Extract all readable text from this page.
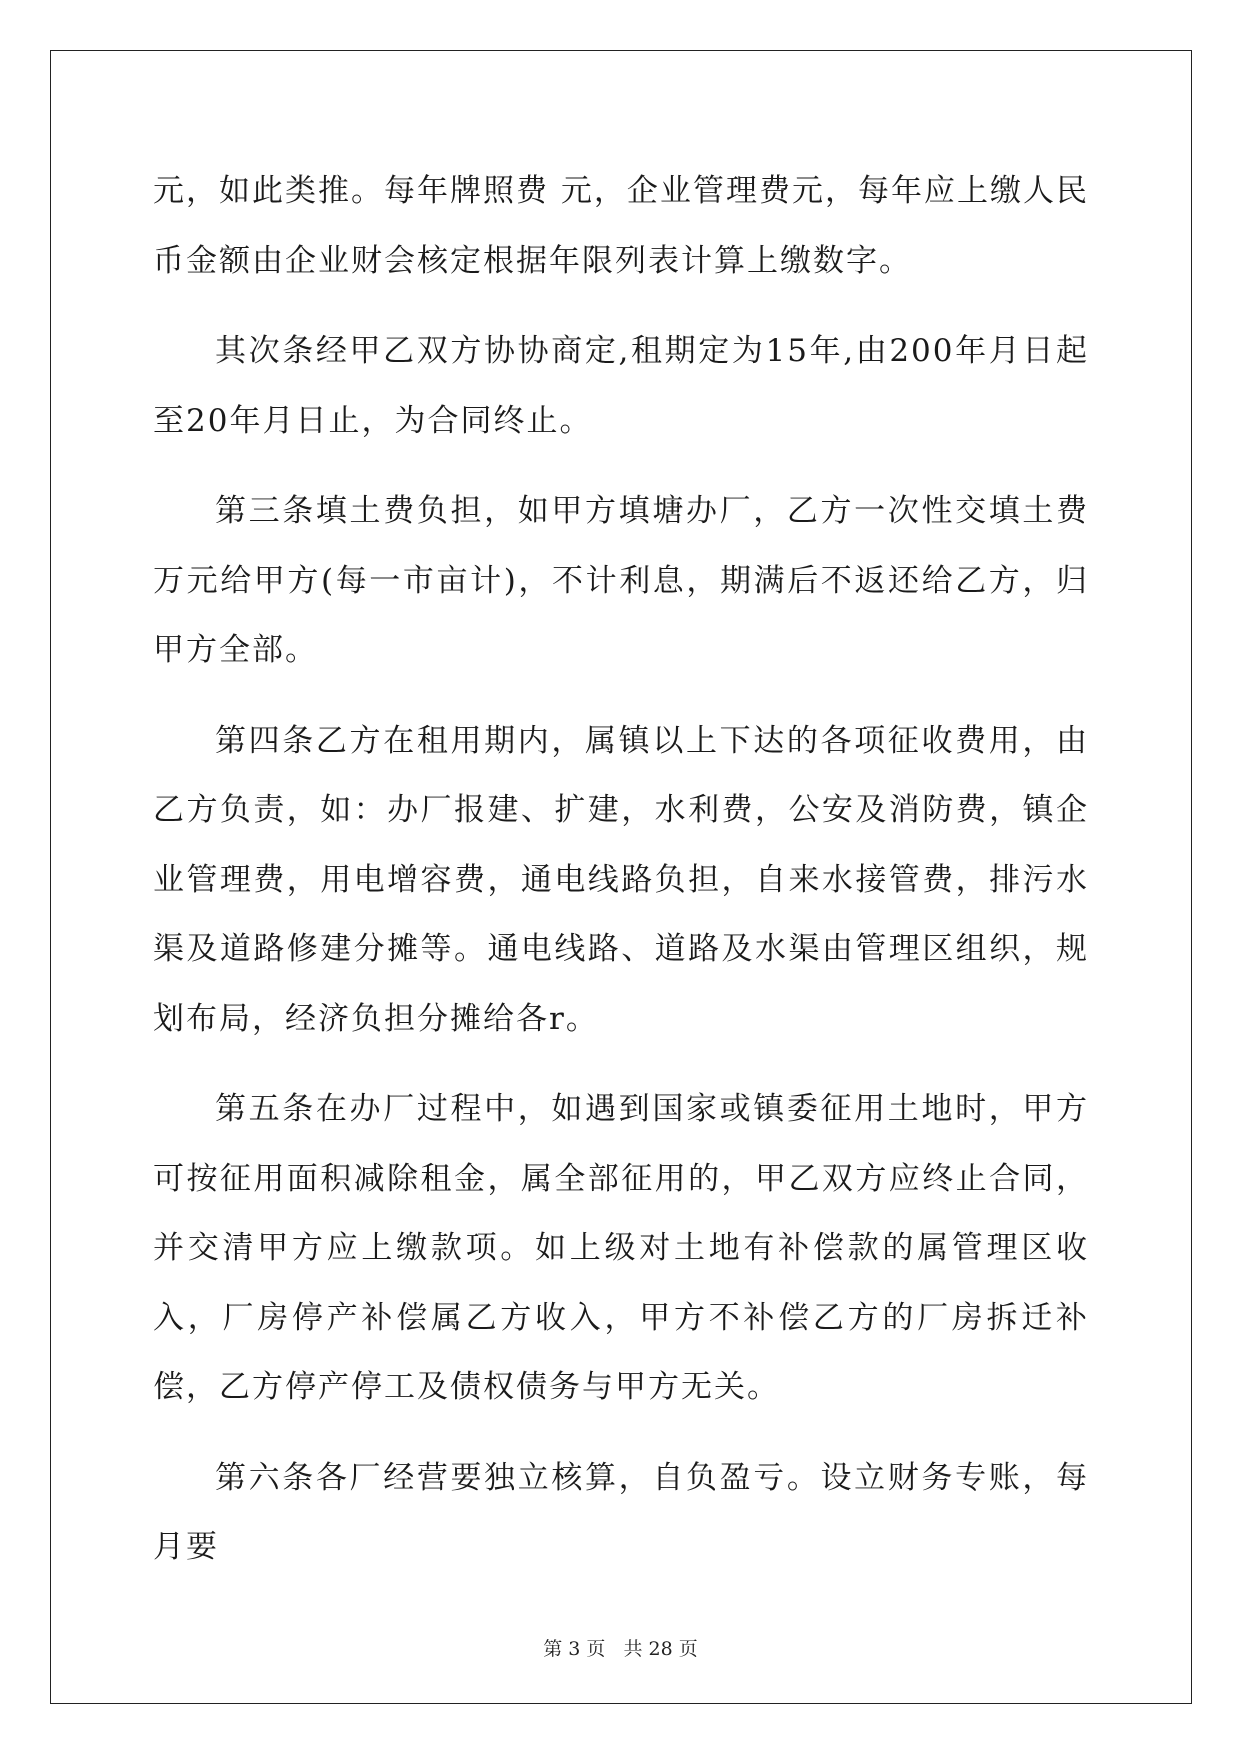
元，如此类推。每年牌照费 元，企业管理费元，每年应上缴人民币金额由企业财会核定根据年限列表计算上缴数字。

其次条经甲乙双方协协商定,租期定为15年,由200年月日起至20年月日止，为合同终止。

第三条填土费负担，如甲方填塘办厂，乙方一次性交填土费万元给甲方(每一市亩计)，不计利息，期满后不返还给乙方，归甲方全部。

第四条乙方在租用期内，属镇以上下达的各项征收费用，由乙方负责，如：办厂报建、扩建，水利费，公安及消防费，镇企业管理费，用电增容费，通电线路负担，自来水接管费，排污水渠及道路修建分摊等。通电线路、道路及水渠由管理区组织，规划布局，经济负担分摊给各r。

第五条在办厂过程中，如遇到国家或镇委征用土地时，甲方可按征用面积减除租金，属全部征用的，甲乙双方应终止合同，并交清甲方应上缴款项。如上级对土地有补偿款的属管理区收入，厂房停产补偿属乙方收入，甲方不补偿乙方的厂房拆迁补偿，乙方停产停工及债权债务与甲方无关。

第六条各厂经营要独立核算，自负盈亏。设立财务专账，每月要

第 3 页   共 28 页
